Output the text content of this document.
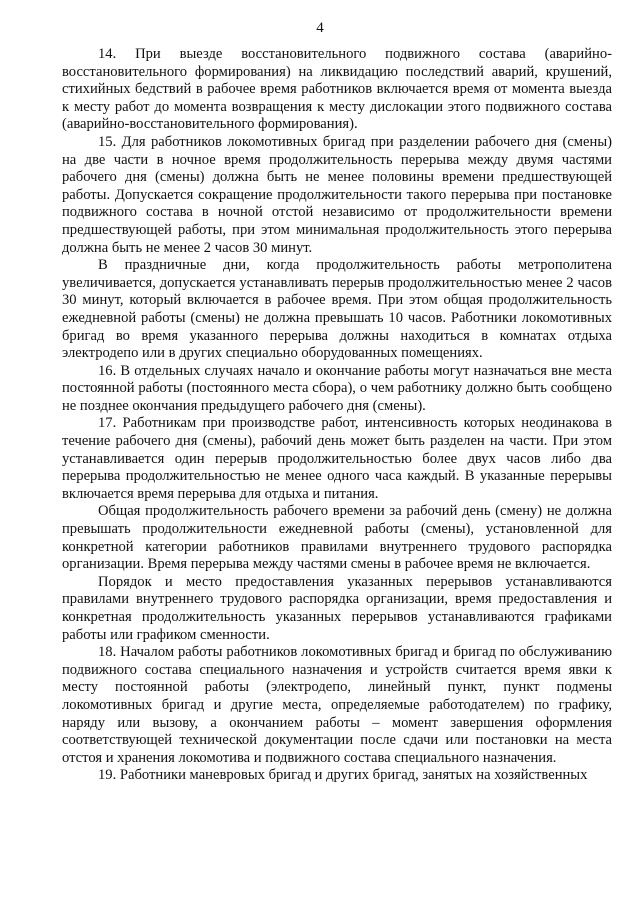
4

14. При выезде восстановительного подвижного состава (аварийно-восстановительного формирования) на ликвидацию последствий аварий, крушений, стихийных бедствий в рабочее время работников включается время от момента выезда к месту работ до момента возвращения к месту дислокации этого подвижного состава (аварийно-восстановительного формирования).

15. Для работников локомотивных бригад при разделении рабочего дня (смены) на две части в ночное время продолжительность перерыва между двумя частями рабочего дня (смены) должна быть не менее половины времени предшествующей работы. Допускается сокращение продолжительности такого перерыва при постановке подвижного состава в ночной отстой независимо от продолжительности времени предшествующей работы, при этом минимальная продолжительность этого перерыва должна быть не менее 2 часов 30 минут.

В праздничные дни, когда продолжительность работы метрополитена увеличивается, допускается устанавливать перерыв продолжительностью менее 2 часов 30 минут, который включается в рабочее время. При этом общая продолжительность ежедневной работы (смены) не должна превышать 10 часов. Работники локомотивных бригад во время указанного перерыва должны находиться в комнатах отдыха электродепо или в других специально оборудованных помещениях.

16. В отдельных случаях начало и окончание работы могут назначаться вне места постоянной работы (постоянного места сбора), о чем работнику должно быть сообщено не позднее окончания предыдущего рабочего дня (смены).

17. Работникам при производстве работ, интенсивность которых неодинакова в течение рабочего дня (смены), рабочий день может быть разделен на части. При этом устанавливается один перерыв продолжительностью более двух часов либо два перерыва продолжительностью не менее одного часа каждый. В указанные перерывы включается время перерыва для отдыха и питания.

Общая продолжительность рабочего времени за рабочий день (смену) не должна превышать продолжительности ежедневной работы (смены), установленной для конкретной категории работников правилами внутреннего трудового распорядка организации. Время перерыва между частями смены в рабочее время не включается.

Порядок и место предоставления указанных перерывов устанавливаются правилами внутреннего трудового распорядка организации, время предоставления и конкретная продолжительность указанных перерывов устанавливаются графиками работы или графиком сменности.

18. Началом работы работников локомотивных бригад и бригад по обслуживанию подвижного состава специального назначения и устройств считается время явки к месту постоянной работы (электродепо, линейный пункт, пункт подмены локомотивных бригад и другие места, определяемые работодателем) по графику, наряду или вызову, а окончанием работы – момент завершения оформления соответствующей технической документации после сдачи или постановки на места отстоя и хранения локомотива и подвижного состава специального назначения.

19. Работники маневровых бригад и других бригад, занятых на хозяйственных
